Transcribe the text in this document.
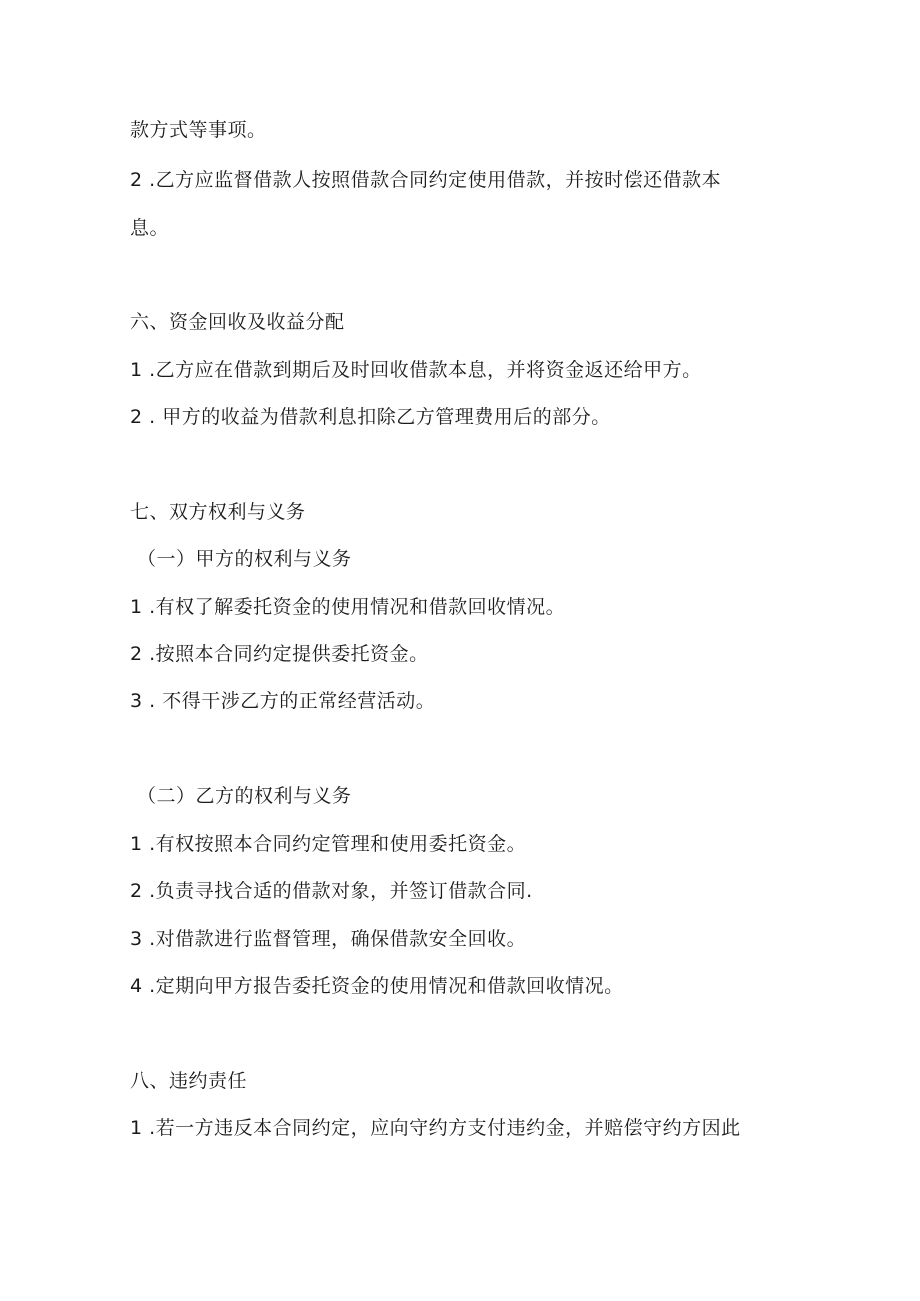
款方式等事项。
2 .乙方应监督借款人按照借款合同约定使用借款，并按时偿还借款本
息。
六、资金回收及收益分配
1 .乙方应在借款到期后及时回收借款本息，并将资金返还给甲方。
2 . 甲方的收益为借款利息扣除乙方管理费用后的部分。
七、双方权利与义务
（一）甲方的权利与义务
1 .有权了解委托资金的使用情况和借款回收情况。
2 .按照本合同约定提供委托资金。
3 . 不得干涉乙方的正常经营活动。
（二）乙方的权利与义务
1 .有权按照本合同约定管理和使用委托资金。
2 .负责寻找合适的借款对象，并签订借款合同.
3 .对借款进行监督管理，确保借款安全回收。
4 .定期向甲方报告委托资金的使用情况和借款回收情况。
八、违约责任
1 .若一方违反本合同约定，应向守约方支付违约金，并赔偿守约方因此
